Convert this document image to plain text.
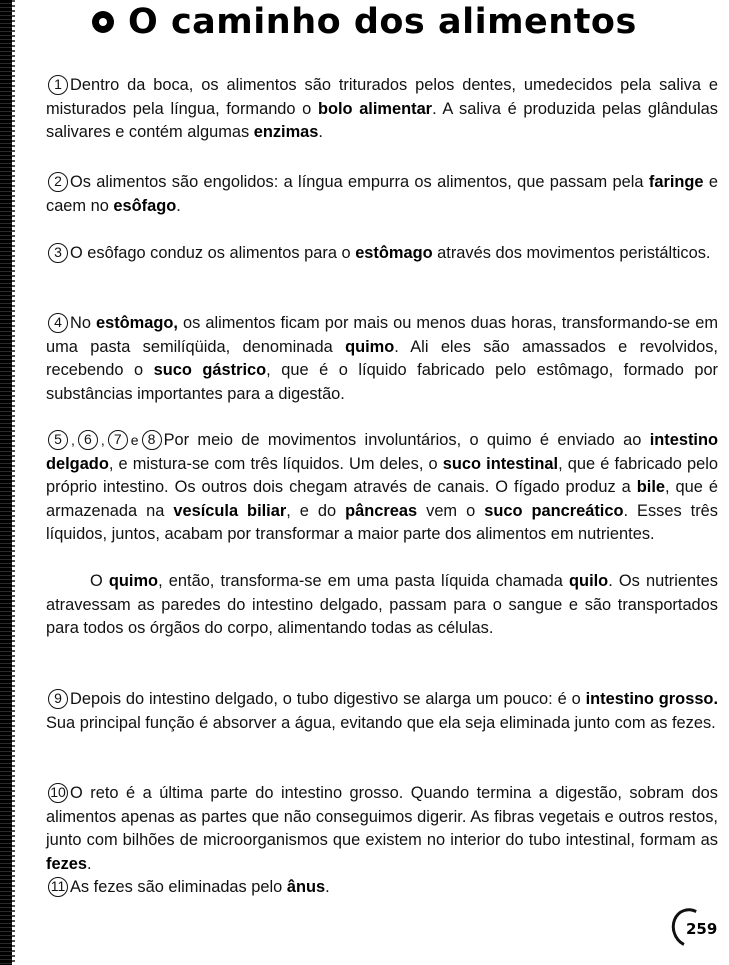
O caminho dos alimentos

1 Dentro da boca, os alimentos são triturados pelos dentes, umedecidos pela saliva e misturados pela língua, formando o bolo alimentar. A saliva é produzida pelas glândulas salivares e contém algumas enzimas.

2 Os alimentos são engolidos: a língua empurra os alimentos, que passam pela faringe e caem no esôfago.

3 O esôfago conduz os alimentos para o estômago através dos movimentos peristálticos.

4 No estômago, os alimentos ficam por mais ou menos duas horas, transformando-se em uma pasta semilíqüida, denominada quimo. Ali eles são amassados e revolvidos, recebendo o suco gástrico, que é o líquido fabricado pelo estômago, formado por substâncias importantes para a digestão.

5 , 6 , 7 e 8 Por meio de movimentos involuntários, o quimo é enviado ao intestino delgado, e mistura-se com três líquidos. Um deles, o suco intestinal, que é fabricado pelo próprio intestino. Os outros dois chegam através de canais. O fígado produz a bile, que é armazenada na vesícula biliar, e do pâncreas vem o suco pancreático. Esses três líquidos, juntos, acabam por transformar a maior parte dos alimentos em nutrientes.

O quimo, então, transforma-se em uma pasta líquida chamada quilo. Os nutrientes atravessam as paredes do intestino delgado, passam para o sangue e são transportados para todos os órgãos do corpo, alimentando todas as células.

9 Depois do intestino delgado, o tubo digestivo se alarga um pouco: é o intestino grosso. Sua principal função é absorver a água, evitando que ela seja eliminada junto com as fezes.

10 O reto é a última parte do intestino grosso. Quando termina a digestão, sobram dos alimentos apenas as partes que não conseguimos digerir. As fibras vegetais e outros restos, junto com bilhões de microorganismos que existem no interior do tubo intestinal, formam as fezes.

11 As fezes são eliminadas pelo ânus.

259
